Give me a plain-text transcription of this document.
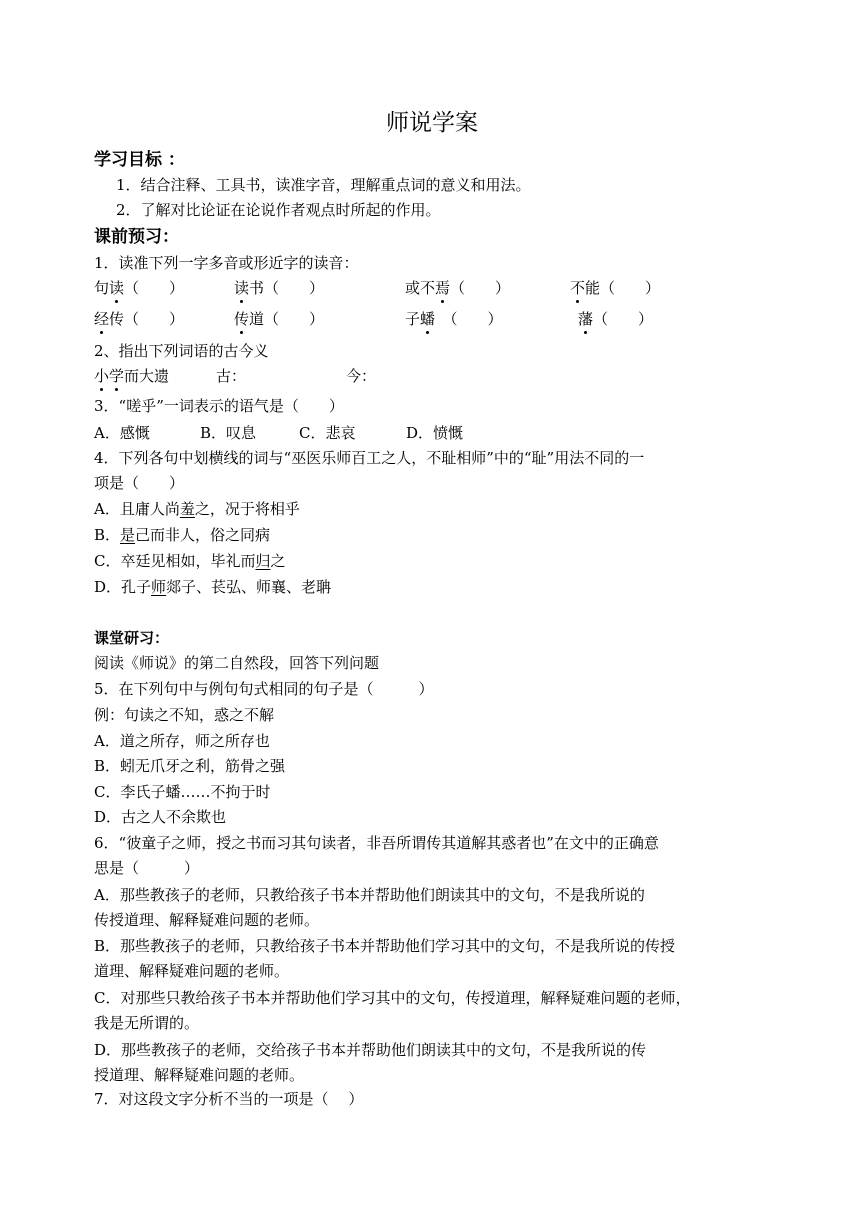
师说学案
学习目标 ：
1．结合注释、工具书，读准字音，理解重点词的意义和用法。
2．了解对比论证在论说作者观点时所起的作用。
课前预习：
1．读准下列一字多音或形近字的读音：
句读（　　）	读书（　　）	或不焉（　　）	不能（　　）
经传（　　）	传道（　　）	子蟠　（　　）	藩（　　）
2、指出下列词语的古今义
小学而大遗	古：	今：
3．“嗟乎”一词表示的语气是（　　）
A．感慨	B．叹息	C．悲哀	D．愤慨
4．下列各句中划横线的词与“巫医乐师百工之人，不耻相师”中的“耻”用法不同的一
项是（　　）
A．且庸人尚羞之，况于将相乎
B．是己而非人，俗之同病
C．卒廷见相如，毕礼而归之
D．孔子师郯子、苌弘、师襄、老聃
课堂研习：
阅读《师说》的第二自然段，回答下列问题
5．在下列句中与例句句式相同的句子是（　　　）
例：句读之不知，惑之不解
A．道之所存，师之所存也
B．蚓无爪牙之利，筋骨之强
C．李氏子蟠……不拘于时
D．古之人不余欺也
6．“彼童子之师，授之书而习其句读者，非吾所谓传其道解其惑者也”在文中的正确意
思是（　　　）
A．那些教孩子的老师，只教给孩子书本并帮助他们朗读其中的文句，不是我所说的
传授道理、解释疑难问题的老师。
B．那些教孩子的老师，只教给孩子书本并帮助他们学习其中的文句，不是我所说的传授
道理、解释疑难问题的老师。
C．对那些只教给孩子书本并帮助他们学习其中的文句，传授道理，解释疑难问题的老师，
我是无所谓的。
D．那些教孩子的老师，交给孩子书本并帮助他们朗读其中的文句，不是我所说的传
授道理、解释疑难问题的老师。
7．对这段文字分析不当的一项是（　 ）
